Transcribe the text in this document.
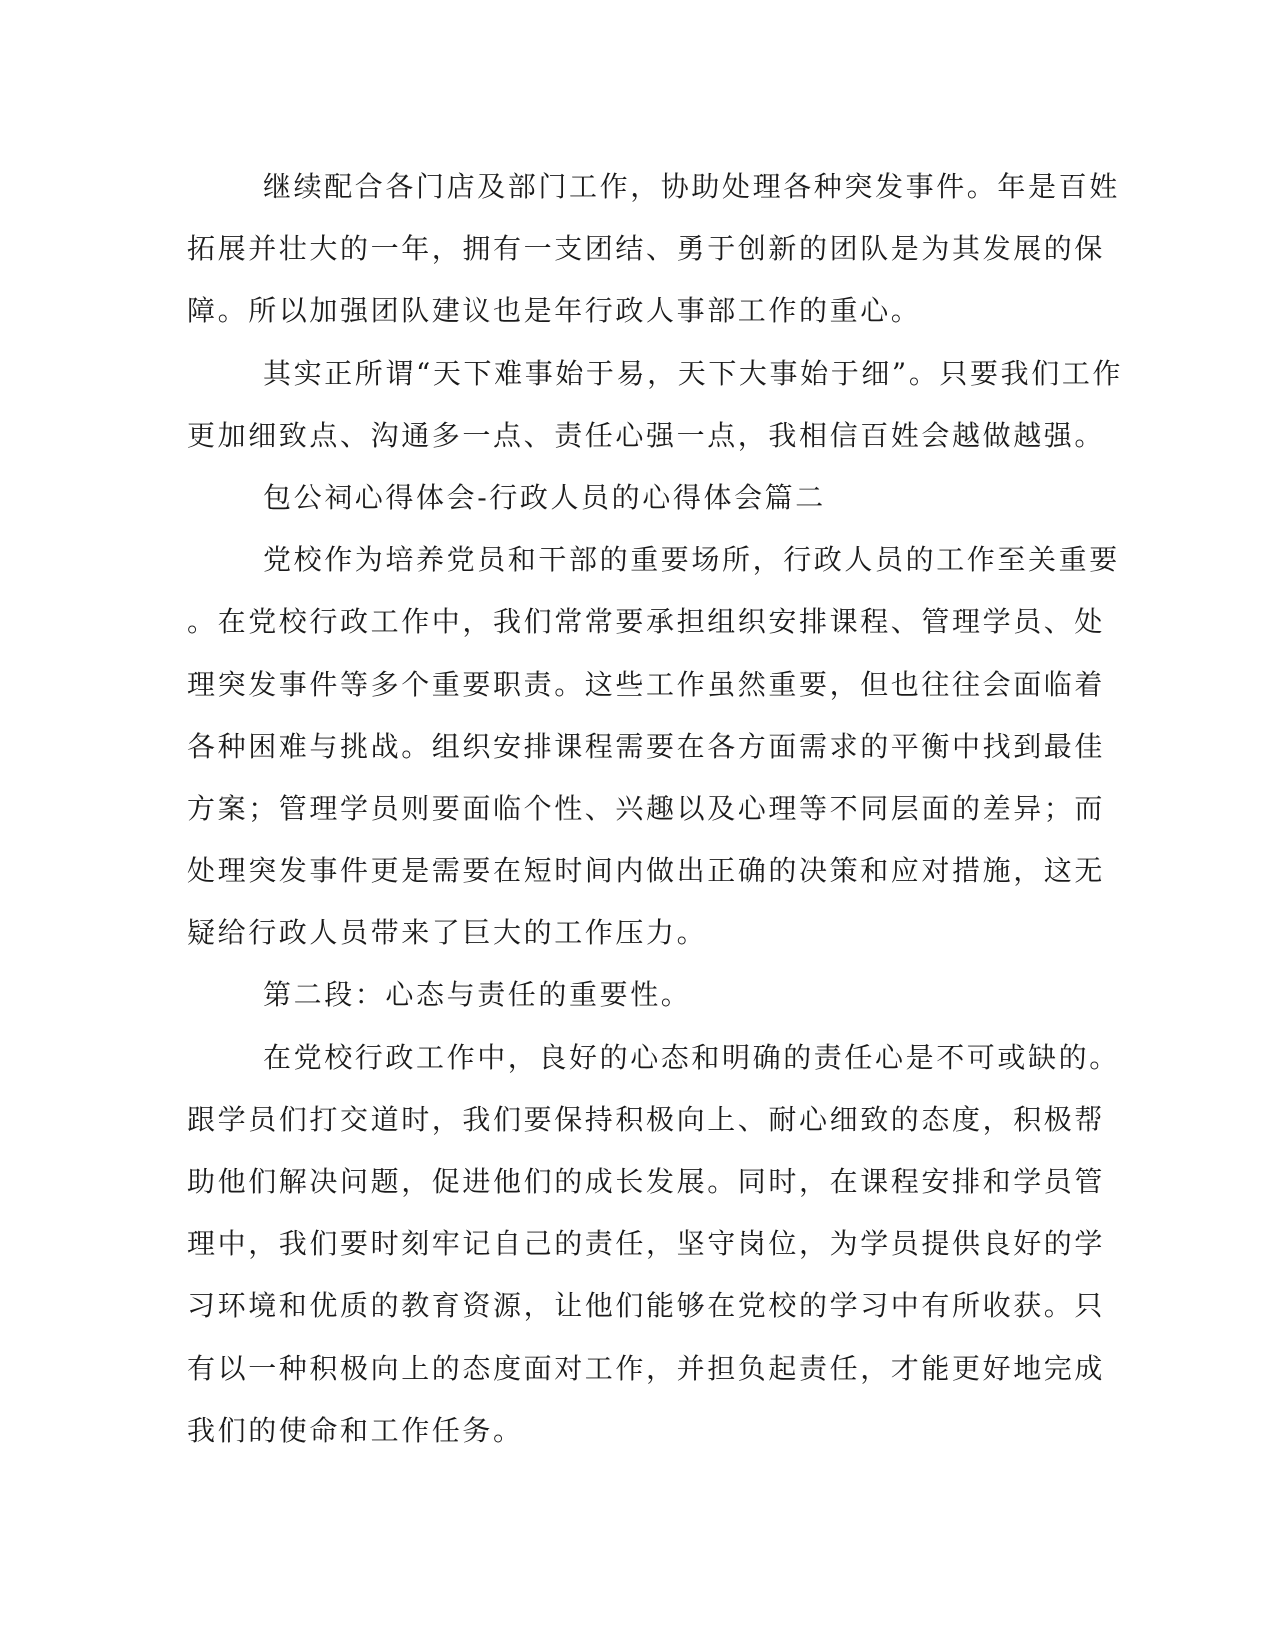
继续配合各门店及部门工作，协助处理各种突发事件。年是百姓
拓展并壮大的一年，拥有一支团结、勇于创新的团队是为其发展的保
障。所以加强团队建议也是年行政人事部工作的重心。
其实正所谓“天下难事始于易，天下大事始于细”。只要我们工作
更加细致点、沟通多一点、责任心强一点，我相信百姓会越做越强。
包公祠心得体会-行政人员的心得体会篇二
党校作为培养党员和干部的重要场所，行政人员的工作至关重要
。在党校行政工作中，我们常常要承担组织安排课程、管理学员、处
理突发事件等多个重要职责。这些工作虽然重要，但也往往会面临着
各种困难与挑战。组织安排课程需要在各方面需求的平衡中找到最佳
方案；管理学员则要面临个性、兴趣以及心理等不同层面的差异；而
处理突发事件更是需要在短时间内做出正确的决策和应对措施，这无
疑给行政人员带来了巨大的工作压力。
第二段：心态与责任的重要性。
在党校行政工作中，良好的心态和明确的责任心是不可或缺的。
跟学员们打交道时，我们要保持积极向上、耐心细致的态度，积极帮
助他们解决问题，促进他们的成长发展。同时，在课程安排和学员管
理中，我们要时刻牢记自己的责任，坚守岗位，为学员提供良好的学
习环境和优质的教育资源，让他们能够在党校的学习中有所收获。只
有以一种积极向上的态度面对工作，并担负起责任，才能更好地完成
我们的使命和工作任务。
